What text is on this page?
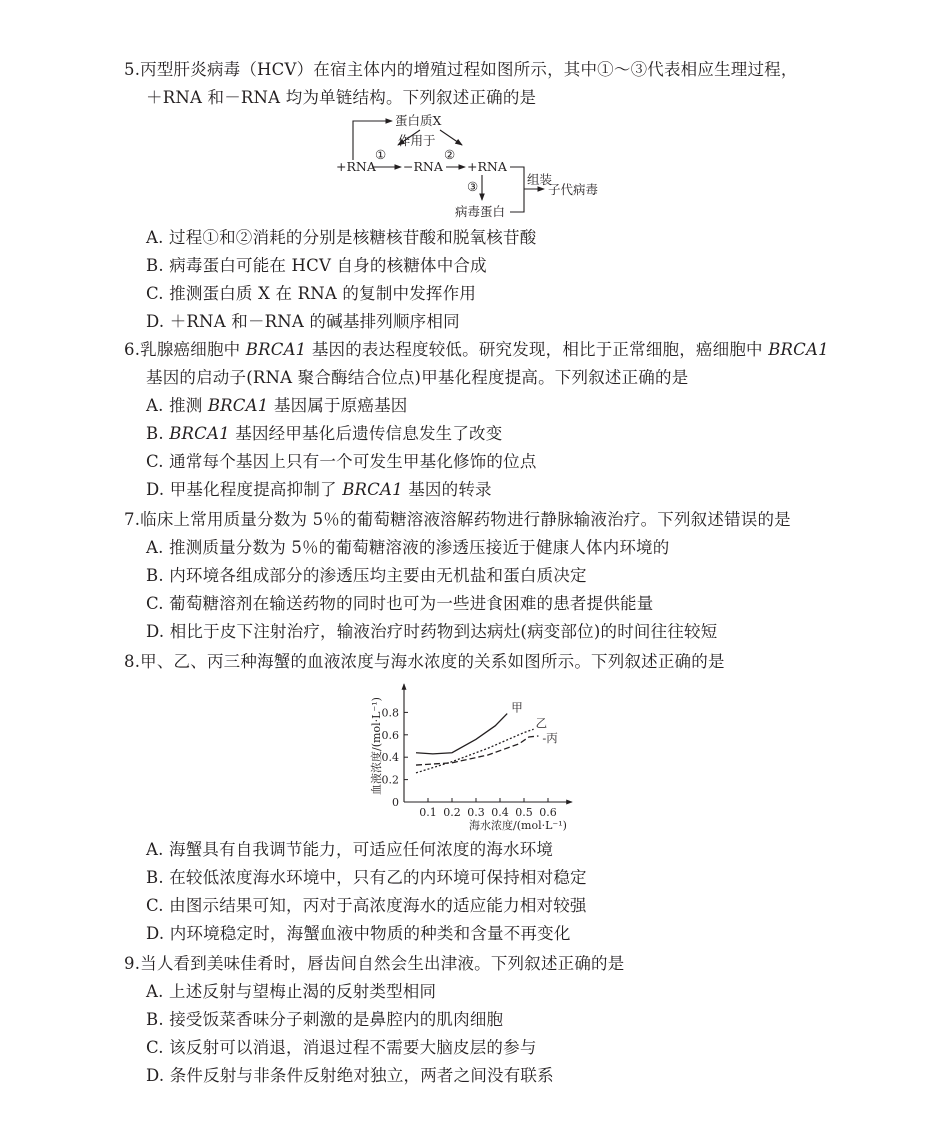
5.丙型肝炎病毒（HCV）在宿主体内的增殖过程如图所示，其中①～③代表相应生理过程，
＋RNA 和－RNA 均为单链结构。下列叙述正确的是
蛋白质X
作用于
①	②
+RNA −RNA +RNA
③	组装
子代病毒
病毒蛋白
A. 过程①和②消耗的分别是核糖核苷酸和脱氧核苷酸
B. 病毒蛋白可能在 HCV 自身的核糖体中合成
C. 推测蛋白质 X 在 RNA 的复制中发挥作用
D. ＋RNA 和－RNA 的碱基排列顺序相同
6.乳腺癌细胞中 BRCA1 基因的表达程度较低。研究发现，相比于正常细胞，癌细胞中 BRCA1
基因的启动子(RNA 聚合酶结合位点)甲基化程度提高。下列叙述正确的是
A. 推测 BRCA1 基因属于原癌基因
B. BRCA1 基因经甲基化后遗传信息发生了改变
C. 通常每个基因上只有一个可发生甲基化修饰的位点
D. 甲基化程度提高抑制了 BRCA1 基因的转录
7.临床上常用质量分数为 5％的葡萄糖溶液溶解药物进行静脉输液治疗。下列叙述错误的是
A. 推测质量分数为 5％的葡萄糖溶液的渗透压接近于健康人体内环境的
B. 内环境各组成部分的渗透压均主要由无机盐和蛋白质决定
C. 葡萄糖溶剂在输送药物的同时也可为一些进食困难的患者提供能量
D. 相比于皮下注射治疗，输液治疗时药物到达病灶(病变部位)的时间往往较短
8.甲、乙、丙三种海蟹的血液浓度与海水浓度的关系如图所示。下列叙述正确的是
血液浓度/(mol·L⁻¹)
海水浓度/(mol·L⁻¹)
0
0.1 0.2 0.3 0.4 0.5 0.6
0.2
0.4
0.6
0.8	甲
乙
-丙
A. 海蟹具有自我调节能力，可适应任何浓度的海水环境
B. 在较低浓度海水环境中，只有乙的内环境可保持相对稳定
C. 由图示结果可知，丙对于高浓度海水的适应能力相对较强
D. 内环境稳定时，海蟹血液中物质的种类和含量不再变化
9.当人看到美味佳肴时，唇齿间自然会生出津液。下列叙述正确的是
A. 上述反射与望梅止渴的反射类型相同
B. 接受饭菜香味分子刺激的是鼻腔内的肌肉细胞
C. 该反射可以消退，消退过程不需要大脑皮层的参与
D. 条件反射与非条件反射绝对独立，两者之间没有联系
